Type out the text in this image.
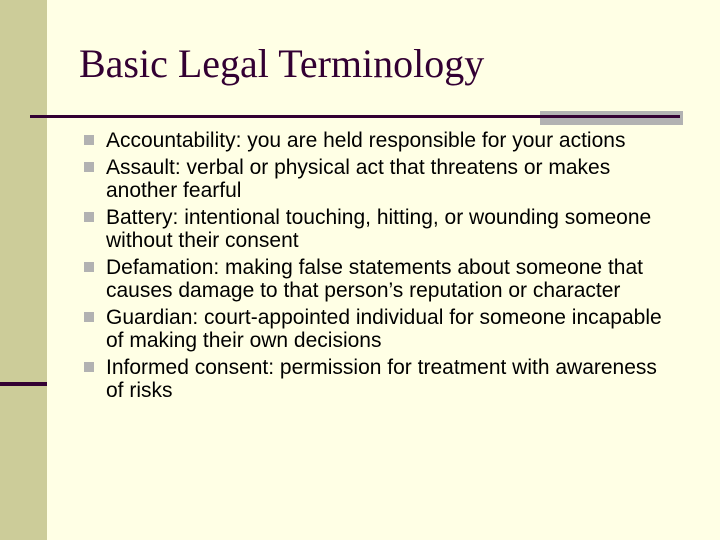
Basic Legal Terminology
Accountability: you are held responsible for your actions
Assault: verbal or physical act that threatens or makes another fearful
Battery: intentional touching, hitting, or wounding someone without their consent
Defamation: making false statements about someone that causes damage to that person’s reputation or character
Guardian: court-appointed individual for someone incapable of making their own decisions
Informed consent: permission for treatment with awareness of risks
